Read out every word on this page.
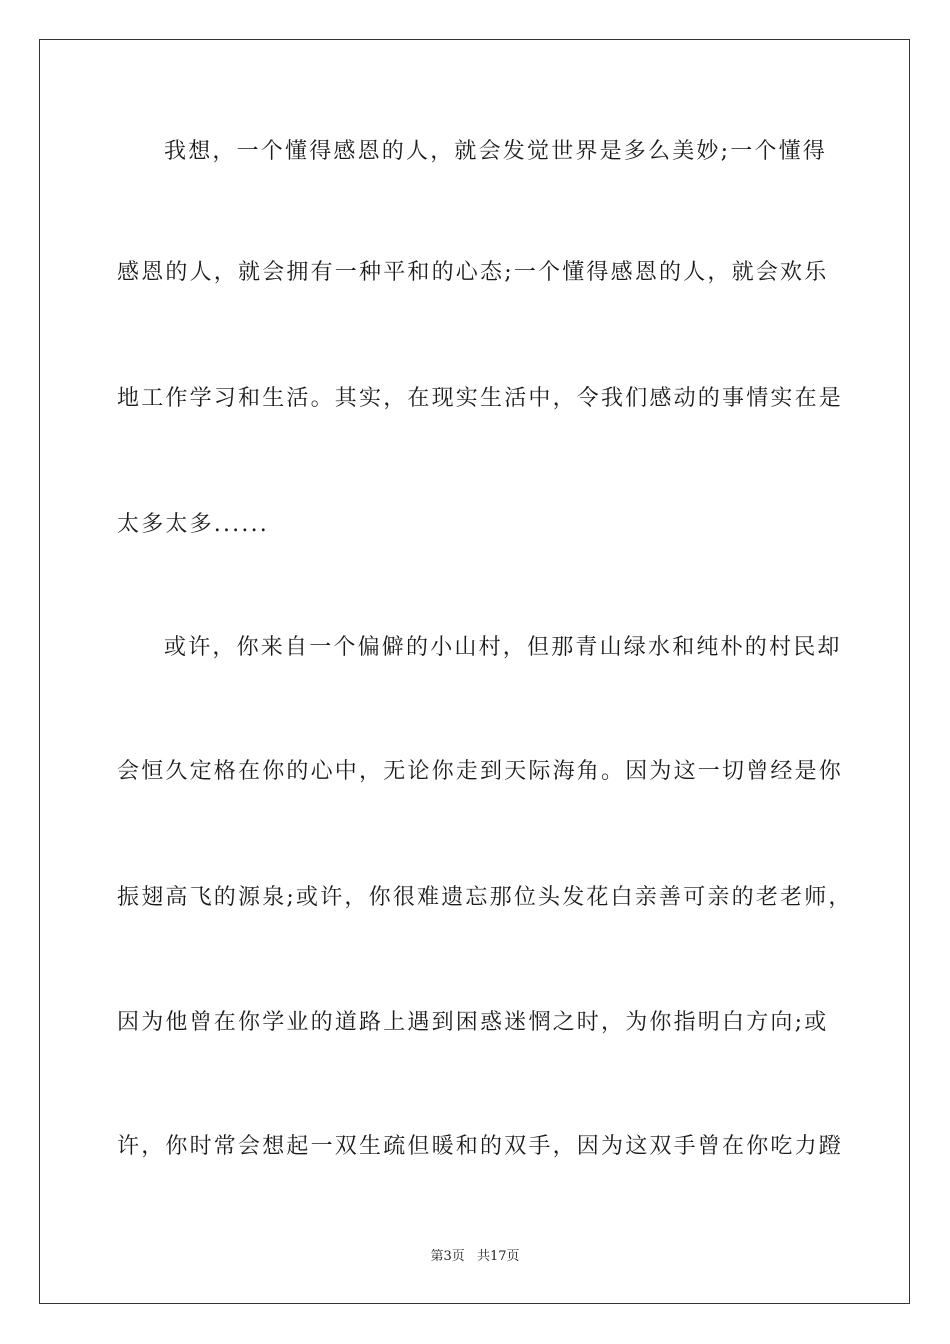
我想，一个懂得感恩的人，就会发觉世界是多么美妙;一个懂得
感恩的人，就会拥有一种平和的心态;一个懂得感恩的人，就会欢乐
地工作学习和生活。其实，在现实生活中，令我们感动的事情实在是
太多太多......
或许，你来自一个偏僻的小山村，但那青山绿水和纯朴的村民却
会恒久定格在你的心中，无论你走到天际海角。因为这一切曾经是你
振翅高飞的源泉;或许，你很难遗忘那位头发花白亲善可亲的老老师，
因为他曾在你学业的道路上遇到困惑迷惘之时，为你指明白方向;或
许，你时常会想起一双生疏但暖和的双手，因为这双手曾在你吃力蹬
第3页 共17页
